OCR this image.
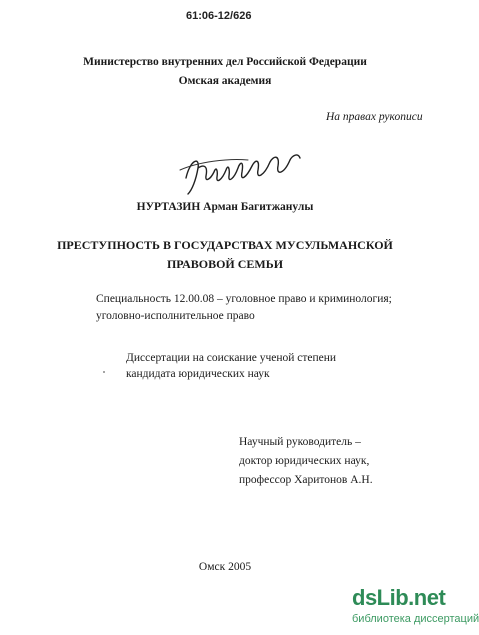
61:06-12/626
Министерство внутренних дел Российской Федерации
Омская академия
На правах рукописи
НУРТАЗИН Арман Багитжанулы
ПРЕСТУПНОСТЬ В ГОСУДАРСТВАХ МУСУЛЬМАНСКОЙ
ПРАВОВОЙ СЕМЬИ
Специальность 12.00.08 – уголовное право и криминология;
уголовно-исполнительное право
Диссертации на соискание ученой степени
кандидата юридических наук
Научный руководитель –
доктор юридических наук,
профессор Харитонов А.Н.
Омск 2005
dsLib.net
библиотека диссертаций
